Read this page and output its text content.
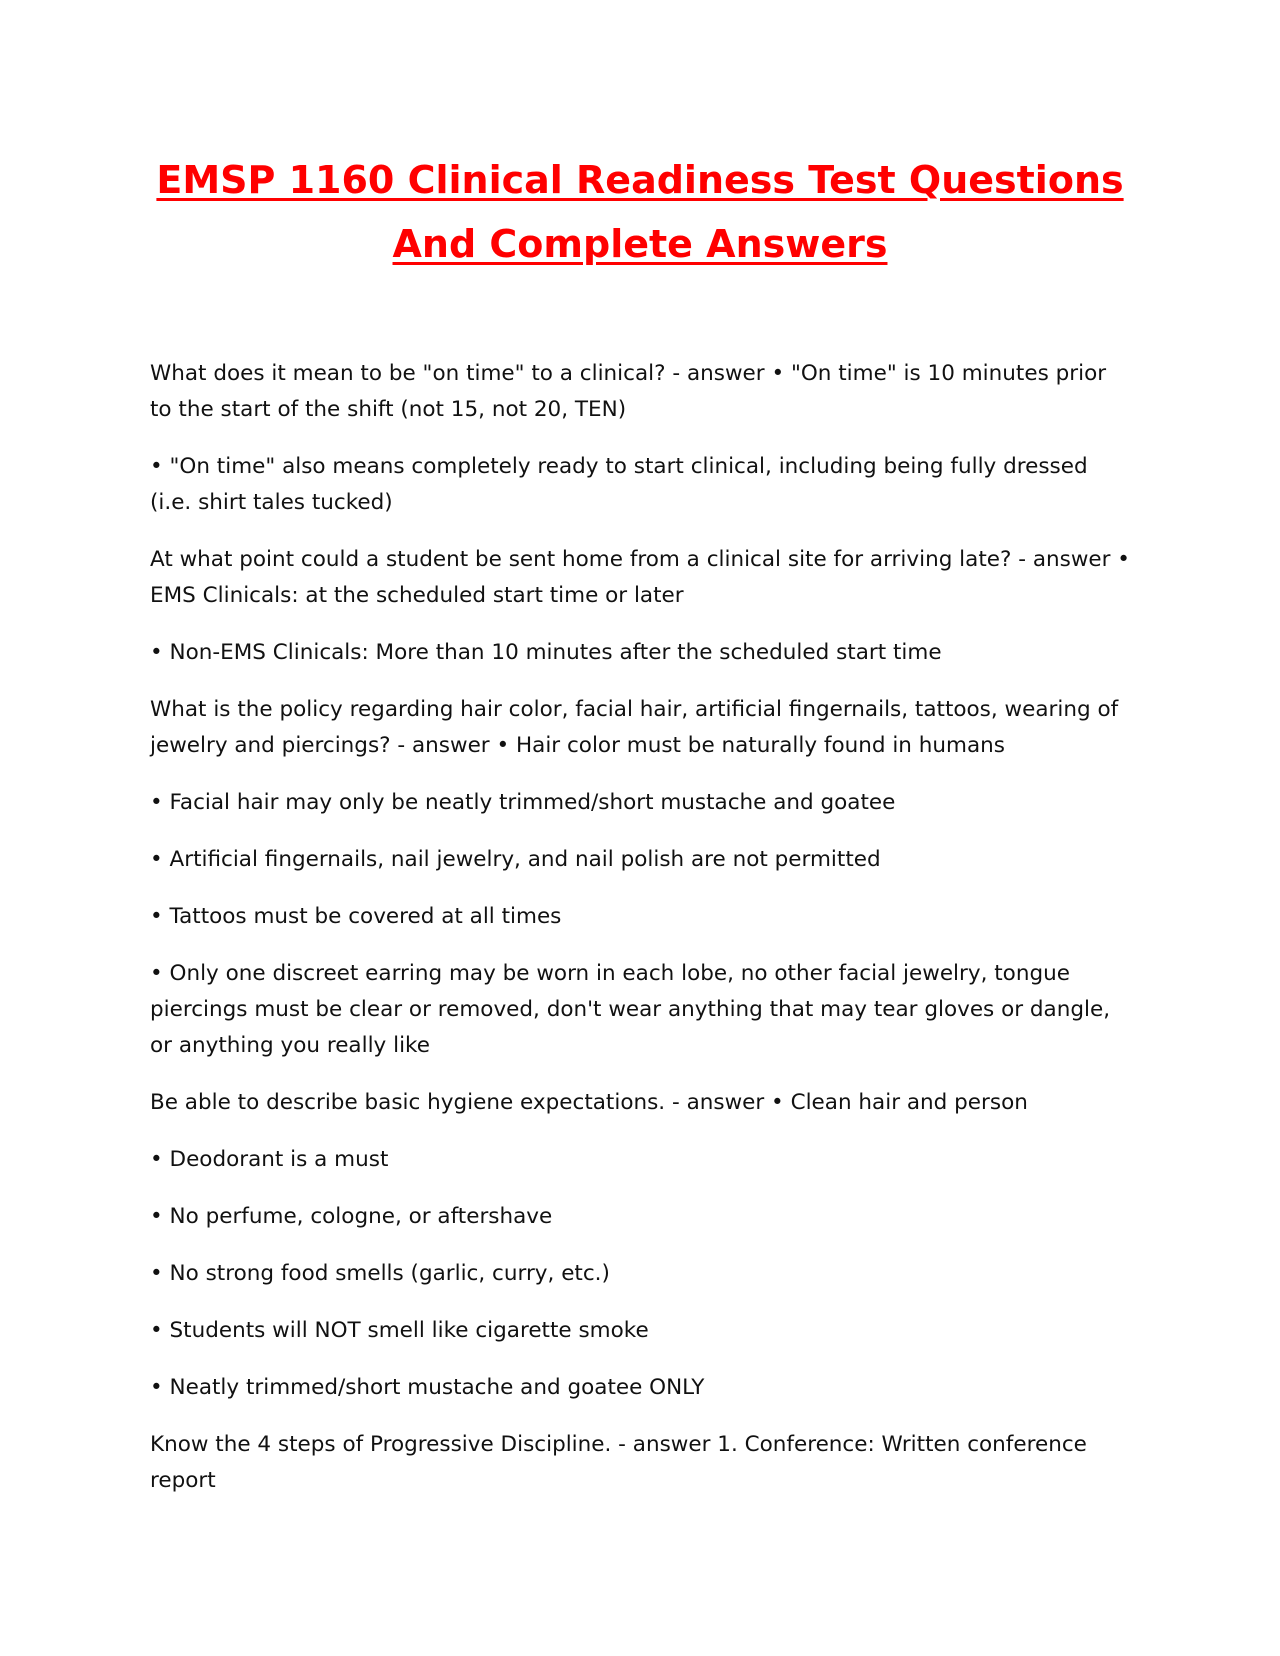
EMSP 1160 Clinical Readiness Test Questions
And Complete Answers

What does it mean to be "on time" to a clinical? - answer • "On time" is 10 minutes prior to the start of the shift (not 15, not 20, TEN)

• "On time" also means completely ready to start clinical, including being fully dressed (i.e. shirt tales tucked)

At what point could a student be sent home from a clinical site for arriving late? - answer • EMS Clinicals: at the scheduled start time or later

• Non-EMS Clinicals: More than 10 minutes after the scheduled start time

What is the policy regarding hair color, facial hair, artificial fingernails, tattoos, wearing of jewelry and piercings? - answer • Hair color must be naturally found in humans

• Facial hair may only be neatly trimmed/short mustache and goatee

• Artificial fingernails, nail jewelry, and nail polish are not permitted

• Tattoos must be covered at all times

• Only one discreet earring may be worn in each lobe, no other facial jewelry, tongue piercings must be clear or removed, don't wear anything that may tear gloves or dangle, or anything you really like

Be able to describe basic hygiene expectations. - answer • Clean hair and person

• Deodorant is a must

• No perfume, cologne, or aftershave

• No strong food smells (garlic, curry, etc.)

• Students will NOT smell like cigarette smoke

• Neatly trimmed/short mustache and goatee ONLY

Know the 4 steps of Progressive Discipline. - answer 1. Conference: Written conference report
